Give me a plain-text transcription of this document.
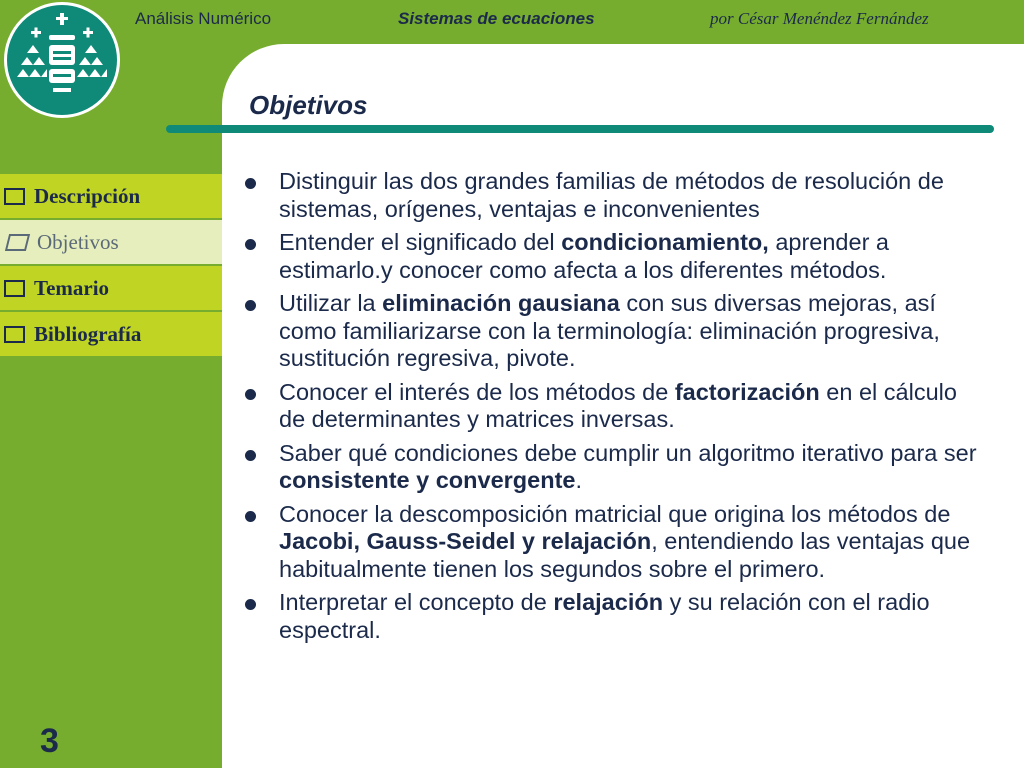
Análisis Numérico	Sistemas de ecuaciones	por César Menéndez Fernández
Objetivos
Descripción
Objetivos
Temario
Bibliografía
Distinguir las dos grandes familias de métodos de resolución de sistemas, orígenes, ventajas e inconvenientes
Entender el significado del condicionamiento, aprender a estimarlo.y conocer como afecta a los diferentes métodos.
Utilizar la eliminación gausiana con sus diversas mejoras, así como familiarizarse con la terminología: eliminación progresiva, sustitución regresiva, pivote.
Conocer el interés de los métodos de factorización en el cálculo de determinantes y matrices inversas.
Saber qué condiciones debe cumplir un algoritmo iterativo para ser consistente y convergente.
Conocer la descomposición matricial que origina los métodos de Jacobi, Gauss-Seidel y relajación, entendiendo las ventajas que habitualmente tienen los segundos sobre el primero.
Interpretar el concepto de relajación y su relación con el radio espectral.
3
